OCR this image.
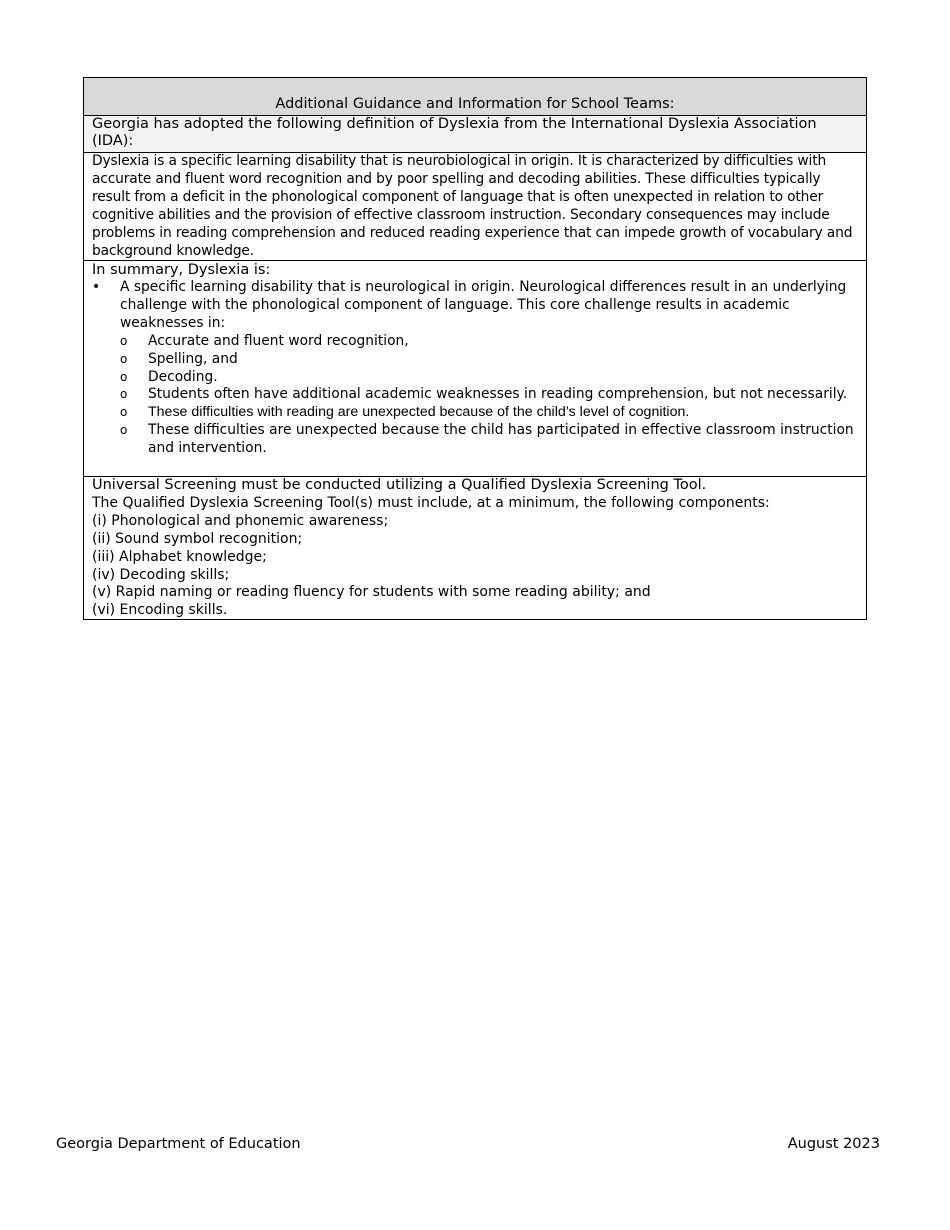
Additional Guidance and Information for School Teams:
Georgia has adopted the following definition of Dyslexia from the International Dyslexia Association (IDA):
Dyslexia is a specific learning disability that is neurobiological in origin. It is characterized by difficulties with accurate and fluent word recognition and by poor spelling and decoding abilities. These difficulties typically result from a deficit in the phonological component of language that is often unexpected in relation to other cognitive abilities and the provision of effective classroom instruction. Secondary consequences may include problems in reading comprehension and reduced reading experience that can impede growth of vocabulary and background knowledge.
In summary, Dyslexia is:
•	A specific learning disability that is neurological in origin. Neurological differences result in an underlying challenge with the phonological component of language. This core challenge results in academic weaknesses in:
o Accurate and fluent word recognition,
o Spelling, and
o Decoding.
o Students often have additional academic weaknesses in reading comprehension, but not necessarily.
o These difficulties with reading are unexpected because of the child’s level of cognition.
o These difficulties are unexpected because the child has participated in effective classroom instruction and intervention.
Universal Screening must be conducted utilizing a Qualified Dyslexia Screening Tool.
The Qualified Dyslexia Screening Tool(s) must include, at a minimum, the following components:
(i) Phonological and phonemic awareness;
(ii) Sound symbol recognition;
(iii) Alphabet knowledge;
(iv) Decoding skills;
(v) Rapid naming or reading fluency for students with some reading ability; and
(vi) Encoding skills.
Georgia Department of Education	August 2023
